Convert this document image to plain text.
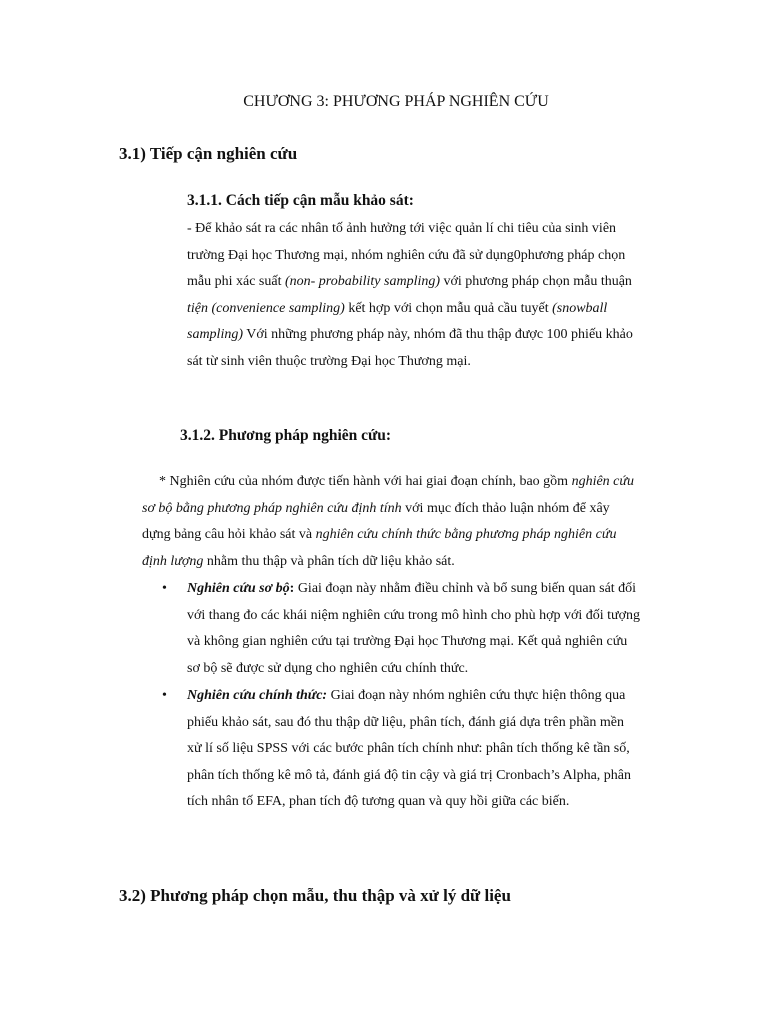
CHƯƠNG 3: PHƯƠNG PHÁP NGHIÊN CỨU
3.1) Tiếp cận nghiên cứu
3.1.1. Cách tiếp cận mẫu khảo sát:

- Để khảo sát ra các nhân tố ảnh hưởng tới việc quản lí chi tiêu của sinh viên

trường Đại học Thương mại, nhóm nghiên cứu đã sử dụng0phương pháp chọn

mẫu phi xác suất (non- probability sampling) với phương pháp chọn mẫu thuận

tiện (convenience sampling) kết hợp với chọn mẫu quả cầu tuyết (snowball

sampling) Với những phương pháp này, nhóm đã thu thập được 100 phiếu khảo

sát từ sinh viên thuộc trường Đại học Thương mại.

3.1.2. Phương pháp nghiên cứu:

* Nghiên cứu của nhóm được tiến hành với hai giai đoạn chính, bao gồm nghiên cứu

sơ bộ bằng phương pháp nghiên cứu định tính với mục đích thảo luận nhóm để xây

dựng bảng câu hỏi khảo sát và nghiên cứu chính thức bằng phương pháp nghiên cứu

định lượng nhằm thu thập và phân tích dữ liệu khảo sát.

•	Nghiên cứu sơ bộ: Giai đoạn này nhằm điều chỉnh và bổ sung biến quan sát đối

với thang đo các khái niệm nghiên cứu trong mô hình cho phù hợp với đối tượng

và không gian nghiên cứu tại trường Đại học Thương mại. Kết quả nghiên cứu

sơ bộ sẽ được sử dụng cho nghiên cứu chính thức.

•	Nghiên cứu chính thức: Giai đoạn này nhóm nghiên cứu thực hiện thông qua

phiếu khảo sát, sau đó thu thập dữ liệu, phân tích, đánh giá dựa trên phần mền

xử lí số liệu SPSS với các bước phân tích chính như: phân tích thống kê tần số,

phân tích thống kê mô tả, đánh giá độ tin cậy và giá trị Cronbach’s Alpha, phân

tích nhân tố EFA, phan tích độ tương quan và quy hồi giữa các biến.

3.2) Phương pháp chọn mẫu, thu thập và xử lý dữ liệu
